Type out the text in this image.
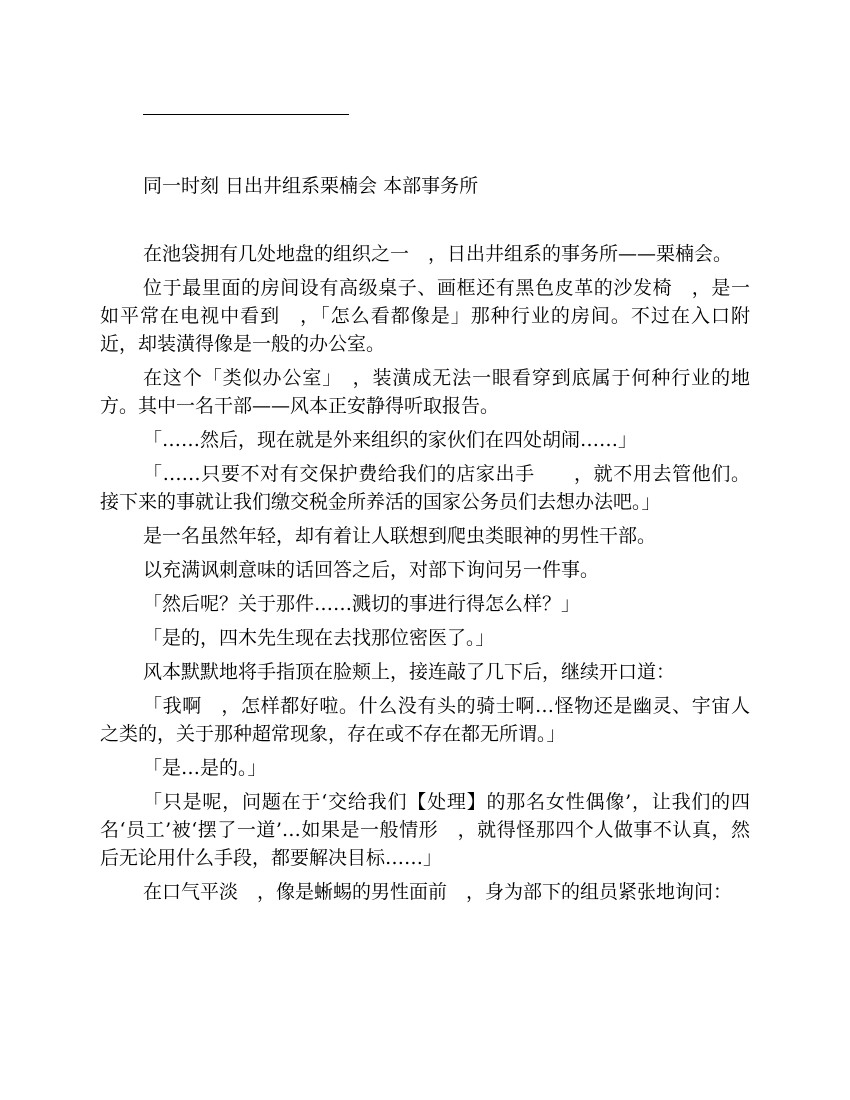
同一时刻 日出井组系栗楠会 本部事务所

在池袋拥有几处地盘的组织之一　，日出井组系的事务所——栗楠会。

位于最里面的房间设有高级桌子、画框还有黑色皮革的沙发椅　，是一如平常在电视中看到　，「怎么看都像是」那种行业的房间。不过在入口附近，却装潢得像是一般的办公室。

在这个「类似办公室」　，装潢成无法一眼看穿到底属于何种行业的地方。其中一名干部——风本正安静得听取报告。

「……然后，现在就是外来组织的家伙们在四处胡闹……」

「……只要不对有交保护费给我们的店家出手　　，就不用去管他们。接下来的事就让我们缴交税金所养活的国家公务员们去想办法吧。」

是一名虽然年轻，却有着让人联想到爬虫类眼神的男性干部。

以充满讽刺意味的话回答之后，对部下询问另一件事。

「然后呢？关于那件……溅切的事进行得怎么样？」

「是的，四木先生现在去找那位密医了。」

风本默默地将手指顶在脸颊上，接连敲了几下后，继续开口道：

「我啊　，怎样都好啦。什么没有头的骑士啊…怪物还是幽灵、宇宙人之类的，关于那种超常现象，存在或不存在都无所谓。」

「是…是的。」

「只是呢，问题在于‘交给我们【处理】的那名女性偶像’，让我们的四名‘员工’被‘摆了一道’…如果是一般情形　，就得怪那四个人做事不认真，然后无论用什么手段，都要解决目标……」

在口气平淡　，像是蜥蜴的男性面前　，身为部下的组员紧张地询问：
